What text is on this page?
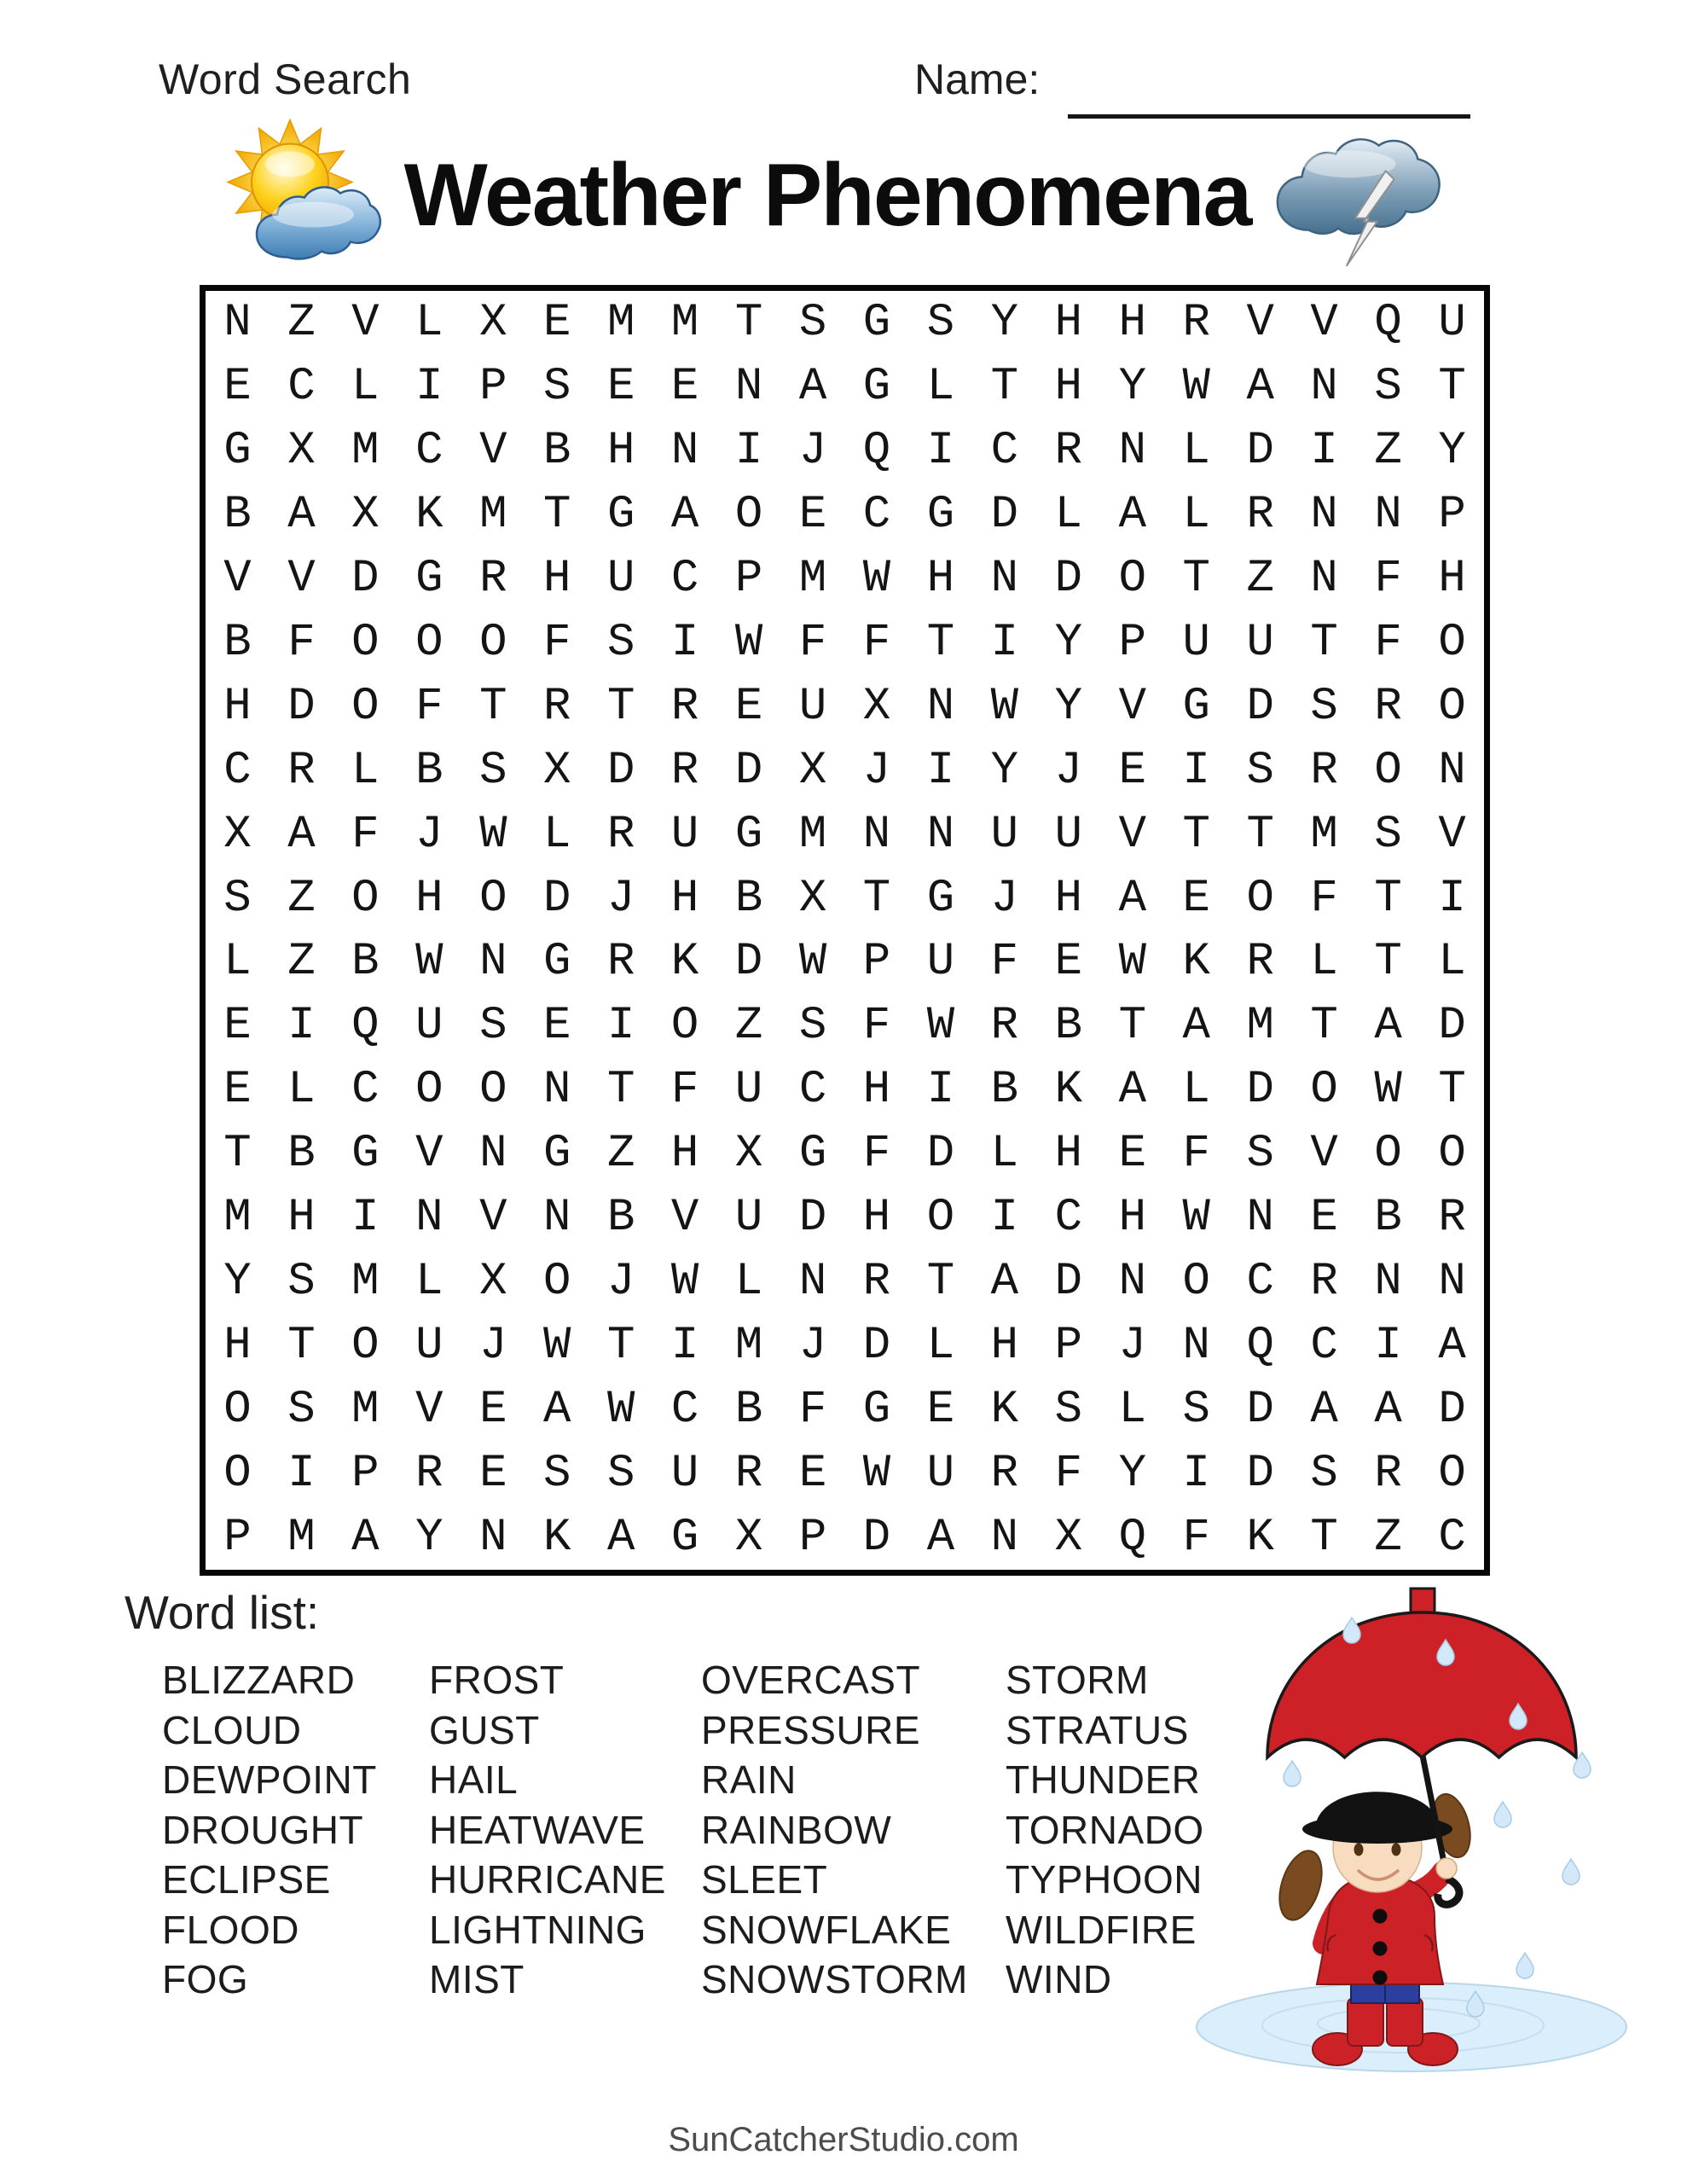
Word Search	Name:
Weather Phenomena
N Z V L X E M M T S G S Y H H R V V Q U
E C L I P S E E N A G L T H Y W A N S T
G X M C V B H N I J Q I C R N L D I Z Y
B A X K M T G A O E C G D L A L R N N P
V V D G R H U C P M W H N D O T Z N F H
B F O O O F S I W F F T I Y P U U T F O
H D O F T R T R E U X N W Y V G D S R O
C R L B S X D R D X J I Y J E I S R O N
X A F J W L R U G M N N U U V T T M S V
S Z O H O D J H B X T G J H A E O F T I
L Z B W N G R K D W P U F E W K R L T L
E I Q U S E I O Z S F W R B T A M T A D
E L C O O N T F U C H I B K A L D O W T
T B G V N G Z H X G F D L H E F S V O O
M H I N V N B V U D H O I C H W N E B R
Y S M L X O J W L N R T A D N O C R N N
H T O U J W T I M J D L H P J N Q C I A
O S M V E A W C B F G E K S L S D A A D
O I P R E S S U R E W U R F Y I D S R O
P M A Y N K A G X P D A N X Q F K T Z C
Word list:
BLIZZARD
CLOUD
DEWPOINT
DROUGHT
ECLIPSE
FLOOD
FOG
FROST
GUST
HAIL
HEATWAVE
HURRICANE
LIGHTNING
MIST
OVERCAST
PRESSURE
RAIN
RAINBOW
SLEET
SNOWFLAKE
SNOWSTORM
STORM
STRATUS
THUNDER
TORNADO
TYPHOON
WILDFIRE
WIND
SunCatcherStudio.com
